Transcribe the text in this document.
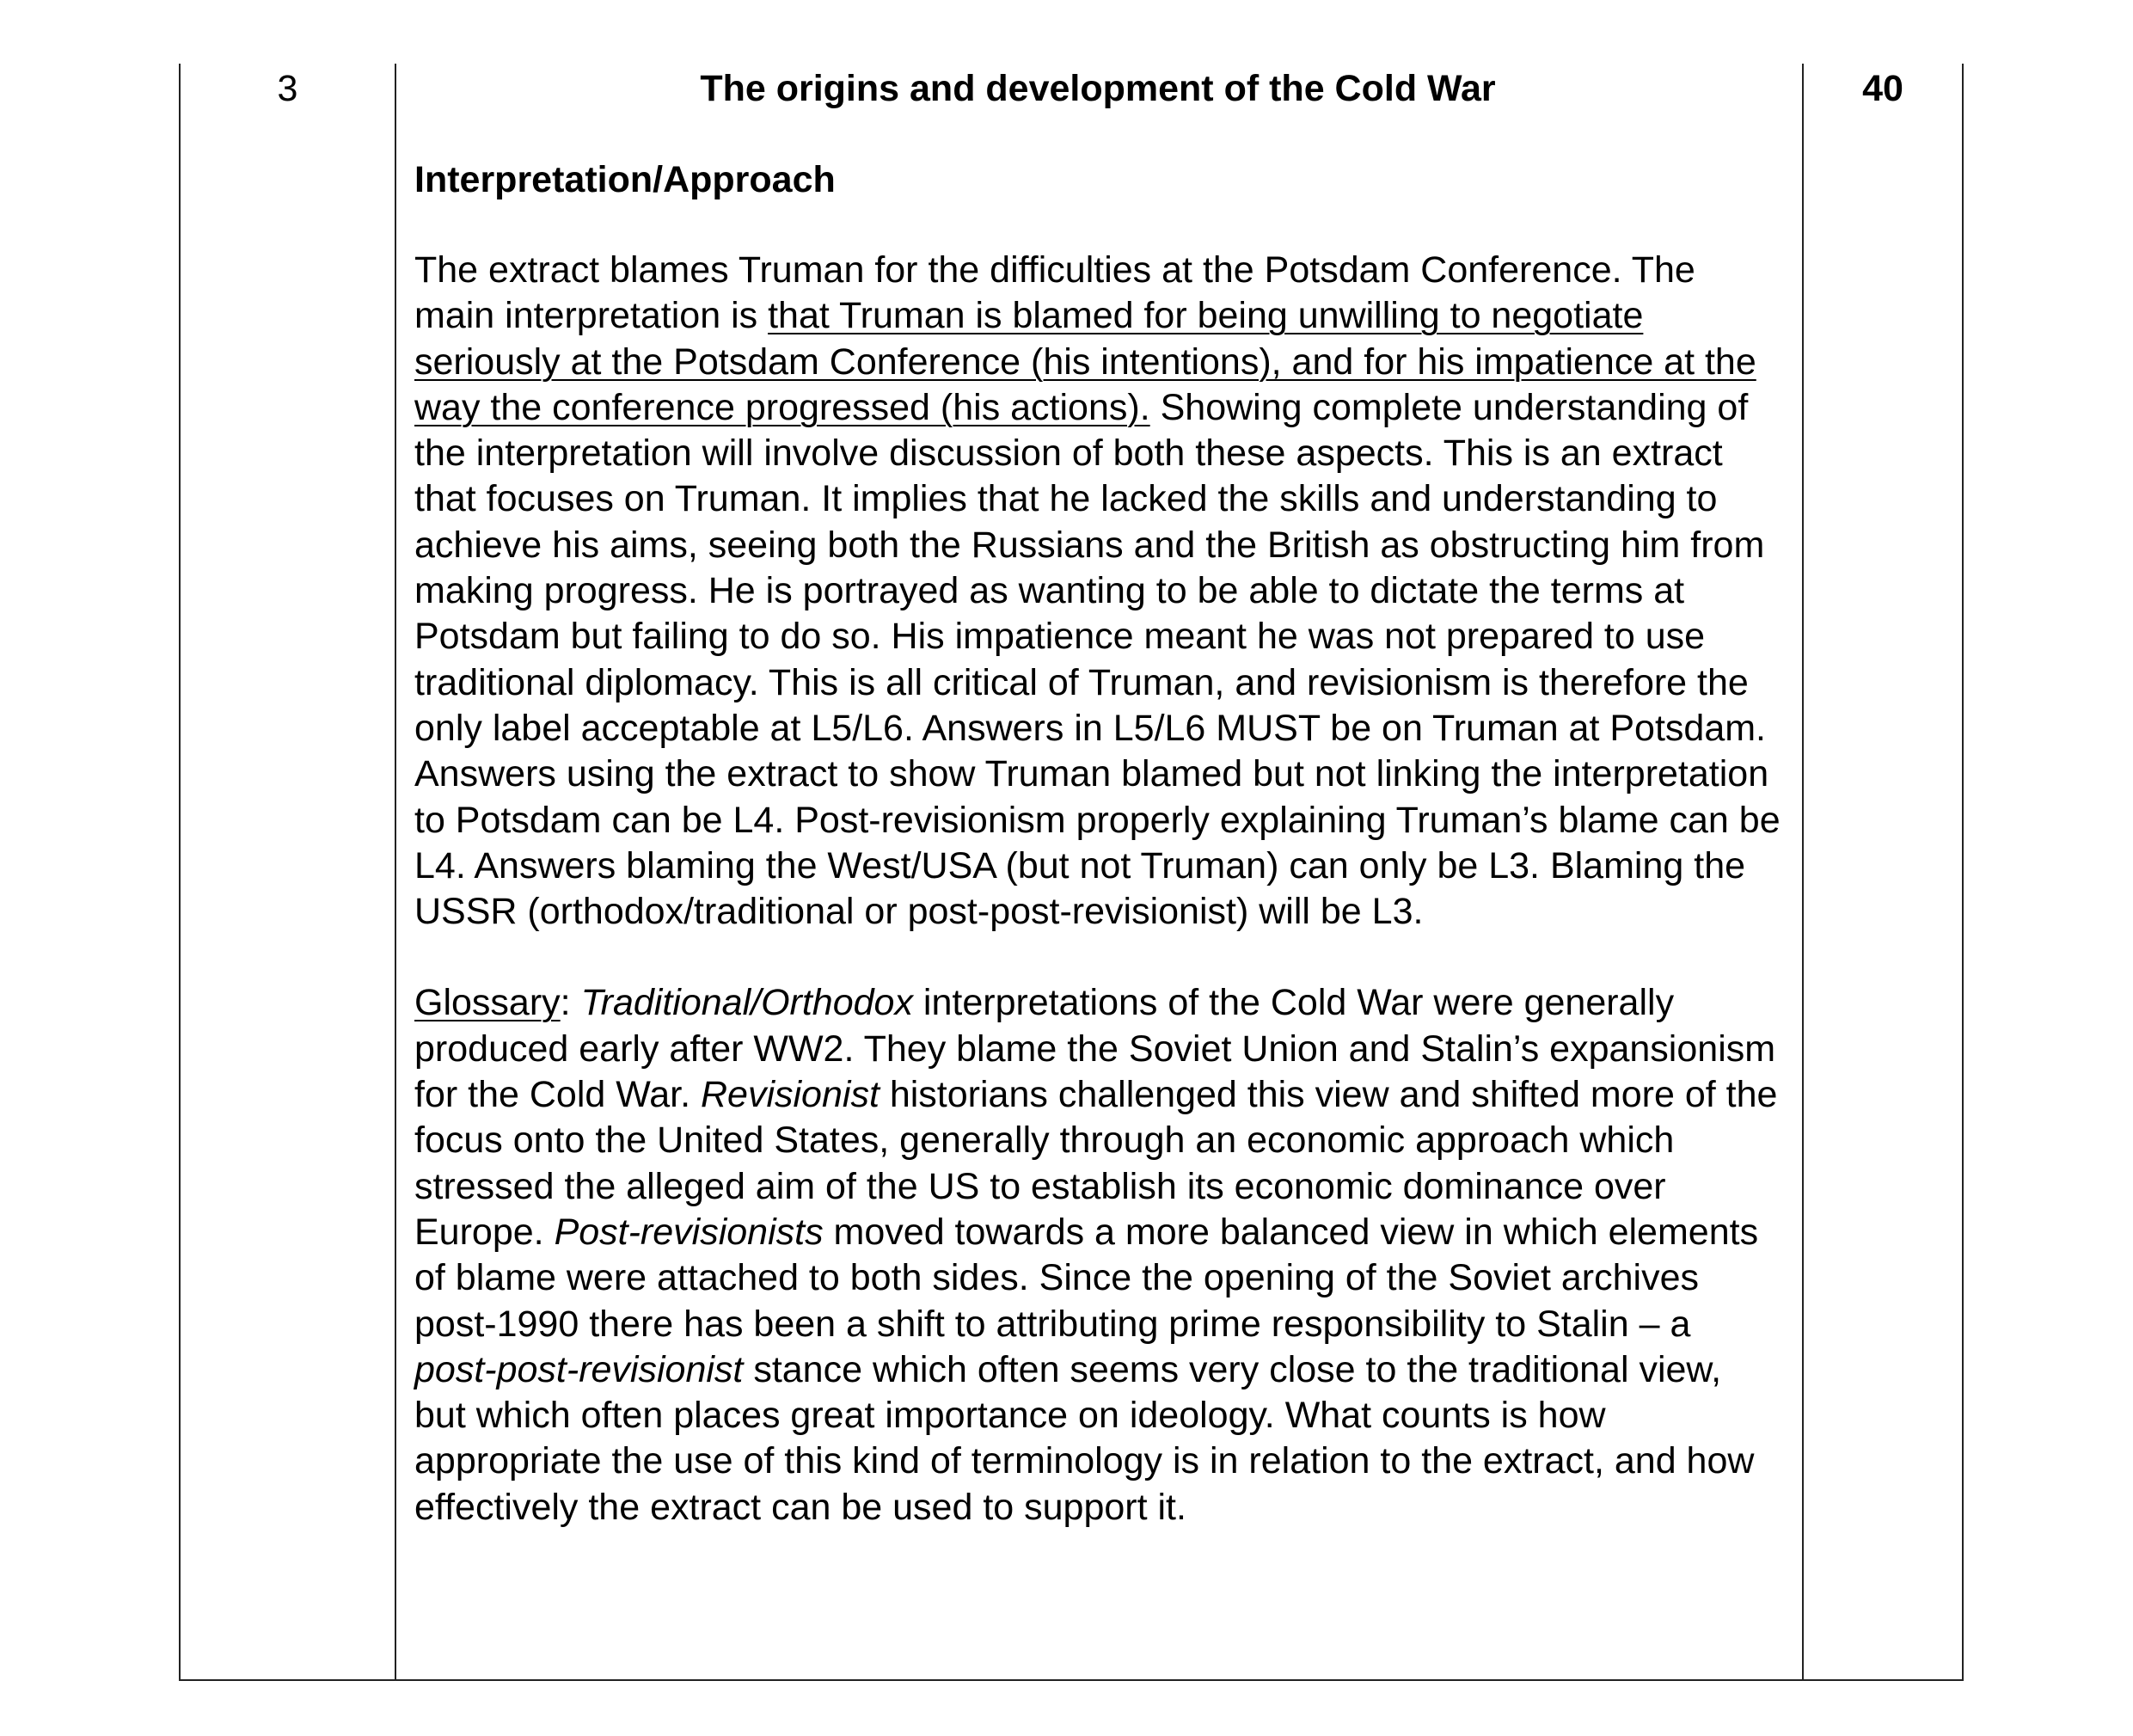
3	The origins and development of the Cold War

Interpretation/Approach

The extract blames Truman for the difficulties at the Potsdam Conference. The main interpretation is that Truman is blamed for being unwilling to negotiate seriously at the Potsdam Conference (his intentions), and for his impatience at the way the conference progressed (his actions). Showing complete understanding of the interpretation will involve discussion of both these aspects. This is an extract that focuses on Truman. It implies that he lacked the skills and understanding to achieve his aims, seeing both the Russians and the British as obstructing him from making progress. He is portrayed as wanting to be able to dictate the terms at Potsdam but failing to do so. His impatience meant he was not prepared to use traditional diplomacy. This is all critical of Truman, and revisionism is therefore the only label acceptable at L5/L6. Answers in L5/L6 MUST be on Truman at Potsdam. Answers using the extract to show Truman blamed but not linking the interpretation to Potsdam can be L4. Post-revisionism properly explaining Truman’s blame can be L4. Answers blaming the West/USA (but not Truman) can only be L3. Blaming the USSR (orthodox/traditional or post-post-revisionist) will be L3.

Glossary: Traditional/Orthodox interpretations of the Cold War were generally produced early after WW2. They blame the Soviet Union and Stalin’s expansionism for the Cold War. Revisionist historians challenged this view and shifted more of the focus onto the United States, generally through an economic approach which stressed the alleged aim of the US to establish its economic dominance over Europe. Post-revisionists moved towards a more balanced view in which elements of blame were attached to both sides. Since the opening of the Soviet archives post-1990 there has been a shift to attributing prime responsibility to Stalin – a post-post-revisionist stance which often seems very close to the traditional view, but which often places great importance on ideology. What counts is how appropriate the use of this kind of terminology is in relation to the extract, and how effectively the extract can be used to support it.

40
